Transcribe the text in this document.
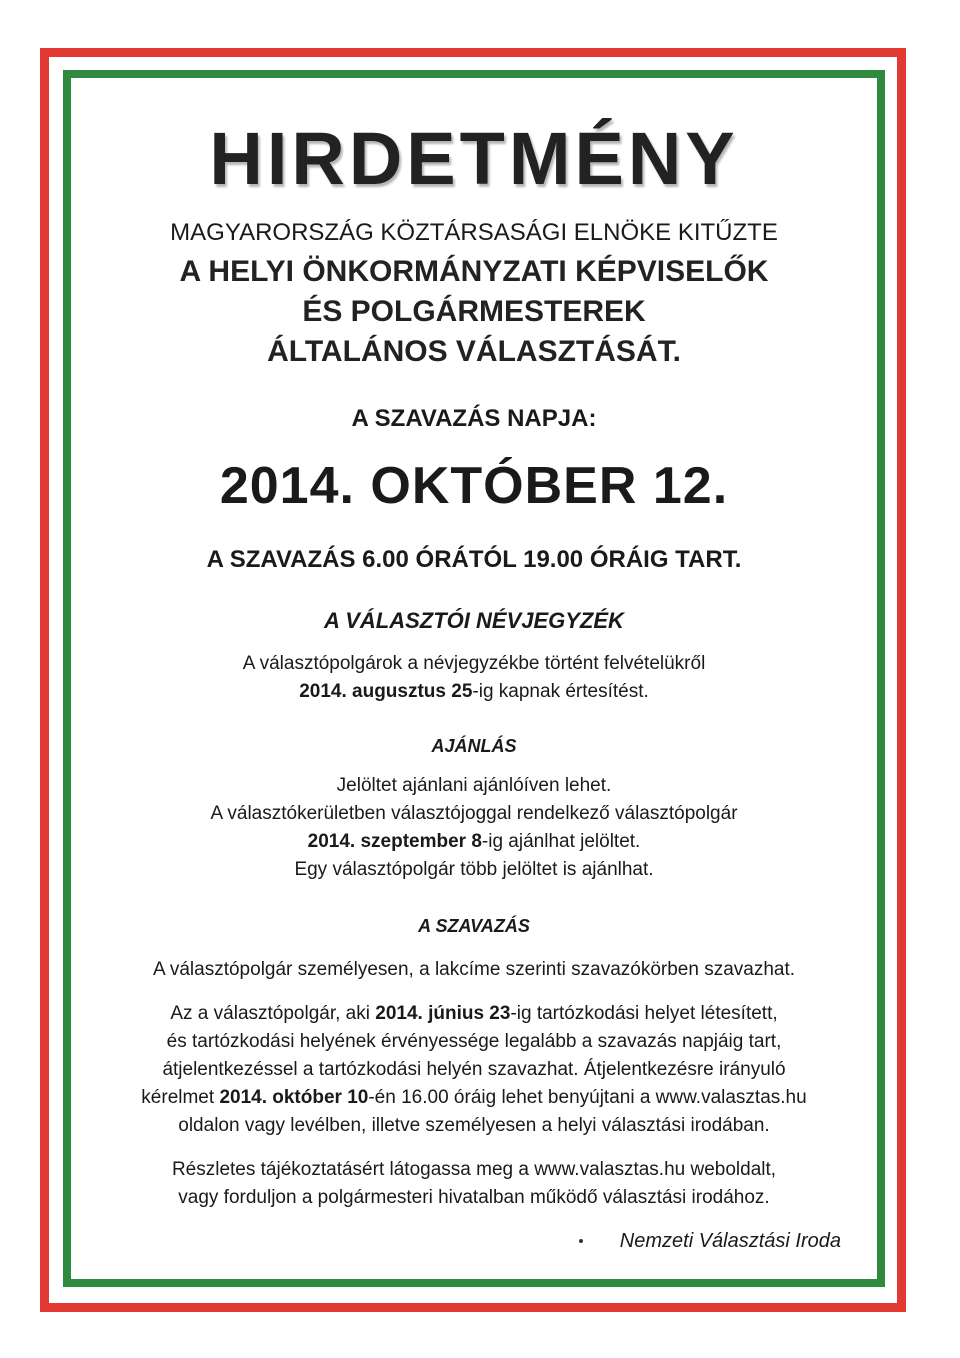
HIRDETMÉNY
MAGYARORSZÁG KÖZTÁRSASÁGI ELNÖKE KITŰZTE
A HELYI ÖNKORMÁNYZATI KÉPVISELŐK
ÉS POLGÁRMESTEREK
ÁLTALÁNOS VÁLASZTÁSÁT.
A SZAVAZÁS NAPJA:
2014. OKTÓBER 12.
A SZAVAZÁS 6.00 ÓRÁTÓL 19.00 ÓRÁIG TART.
A VÁLASZTÓI NÉVJEGYZÉK
A választópolgárok a névjegyzékbe történt felvételükről
2014. augusztus 25-ig kapnak értesítést.
AJÁNLÁS
Jelöltet ajánlani ajánlóíven lehet.
A választókerületben választójoggal rendelkező választópolgár
2014. szeptember 8-ig ajánlhat jelöltet.
Egy választópolgár több jelöltet is ajánlhat.
A SZAVAZÁS
A választópolgár személyesen, a lakcíme szerinti szavazókörben szavazhat.
Az a választópolgár, aki 2014. június 23-ig tartózkodási helyet létesített,
és tartózkodási helyének érvényessége legalább a szavazás napjáig tart,
átjelentkezéssel a tartózkodási helyén szavazhat. Átjelentkezésre irányuló
kérelmet 2014. október 10-én 16.00 óráig lehet benyújtani a www.valasztas.hu
oldalon vagy levélben, illetve személyesen a helyi választási irodában.
Részletes tájékoztatásért látogassa meg a www.valasztas.hu weboldalt,
vagy forduljon a polgármesteri hivatalban működő választási irodához.
Nemzeti Választási Iroda
